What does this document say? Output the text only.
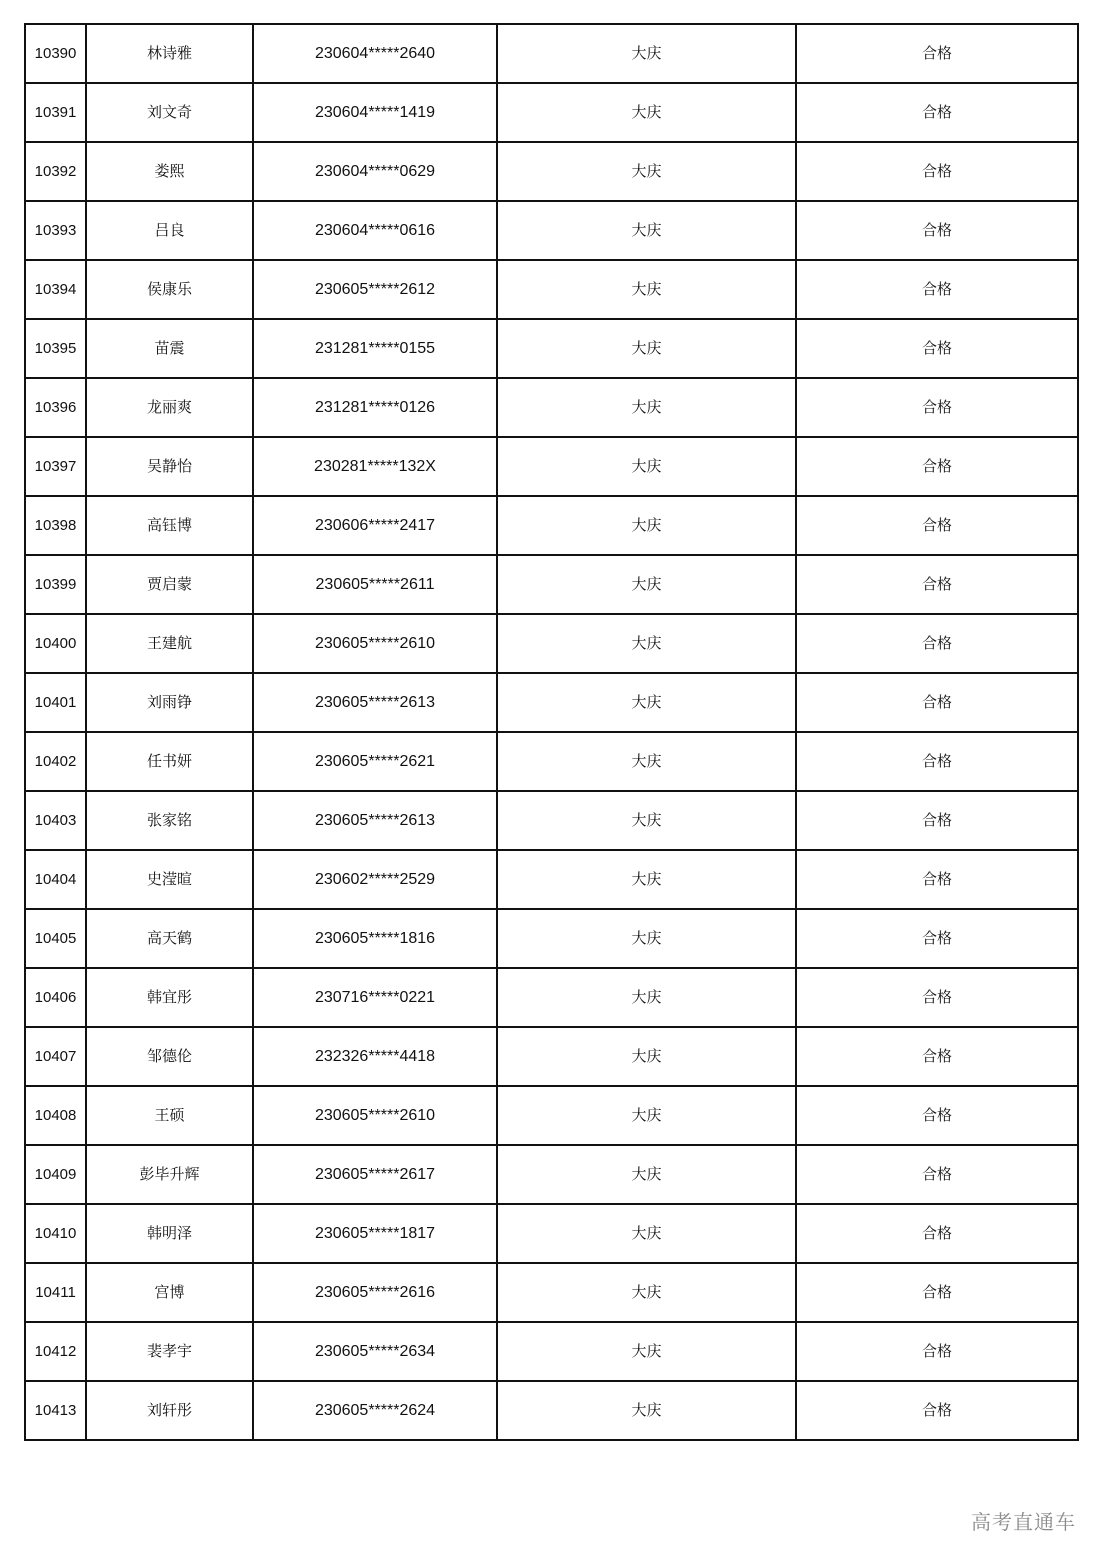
10390	林诗雅	230604*****2640	大庆	合格
10391	刘文奇	230604*****1419	大庆	合格
10392	娄熙	230604*****0629	大庆	合格
10393	吕良	230604*****0616	大庆	合格
10394	侯康乐	230605*****2612	大庆	合格
10395	苗震	231281*****0155	大庆	合格
10396	龙丽爽	231281*****0126	大庆	合格
10397	吴静怡	230281*****132X	大庆	合格
10398	高钰博	230606*****2417	大庆	合格
10399	贾启蒙	230605*****2611	大庆	合格
10400	王建航	230605*****2610	大庆	合格
10401	刘雨铮	230605*****2613	大庆	合格
10402	任书妍	230605*****2621	大庆	合格
10403	张家铭	230605*****2613	大庆	合格
10404	史滢暄	230602*****2529	大庆	合格
10405	高天鹤	230605*****1816	大庆	合格
10406	韩宜彤	230716*****0221	大庆	合格
10407	邹德伦	232326*****4418	大庆	合格
10408	王硕	230605*****2610	大庆	合格
10409	彭毕升辉	230605*****2617	大庆	合格
10410	韩明泽	230605*****1817	大庆	合格
10411	宫博	230605*****2616	大庆	合格
10412	裴孝宇	230605*****2634	大庆	合格
10413	刘轩彤	230605*****2624	大庆	合格
高考直通车
